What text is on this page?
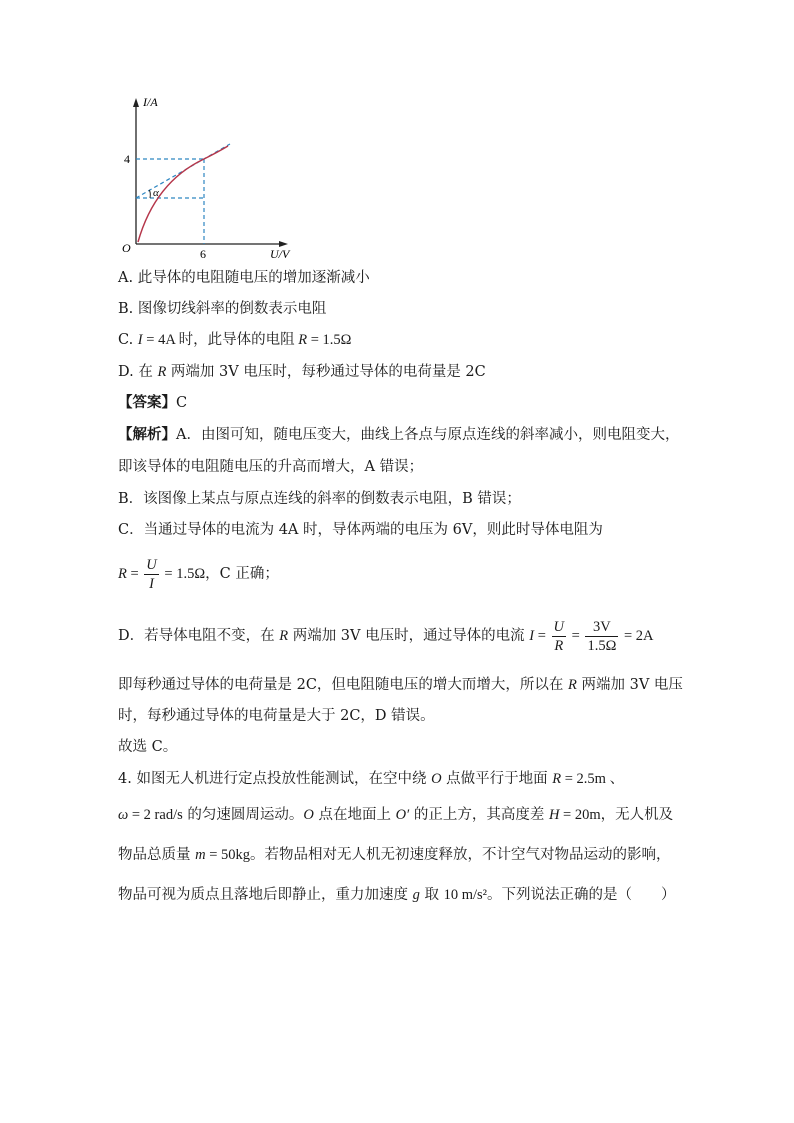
I/A
U/V
O
4
6
α
A. 此导体的电阻随电压的增加逐渐减小
B. 图像切线斜率的倒数表示电阻
C. I = 4A 时，此导体的电阻 R = 1.5Ω
D. 在 R 两端加 3V 电压时，每秒通过导体的电荷量是 2C
【答案】C
【解析】A．由图可知，随电压变大，曲线上各点与原点连线的斜率减小，则电阻变大，
即该导体的电阻随电压的升高而增大，A 错误；
B．该图像上某点与原点连线的斜率的倒数表示电阻，B 错误；
C．当通过导体的电流为 4A 时，导体两端的电压为 6V，则此时导体电阻为
$R = \frac{U}{I} = 1.5\Omega$，C 正确；
D．若导体电阻不变，在 R 两端加 3V 电压时，通过导体的电流 $I = \frac{U}{R} = \frac{3V}{1.5\Omega} = 2A$
即每秒通过导体的电荷量是 2C，但电阻随电压的增大而增大，所以在 R 两端加 3V 电压
时，每秒通过导体的电荷量是大于 2C，D 错误。
故选 C。
4. 如图无人机进行定点投放性能测试，在空中绕 O 点做平行于地面 R = 2.5m 、
ω = 2 rad/s 的匀速圆周运动。O 点在地面上 O′ 的正上方，其高度差 H = 20m，无人机及
物品总质量 m = 50kg。若物品相对无人机无初速度释放，不计空气对物品运动的影响，
物品可视为质点且落地后即静止，重力加速度 g 取 10 m/s²。下列说法正确的是（　　）
